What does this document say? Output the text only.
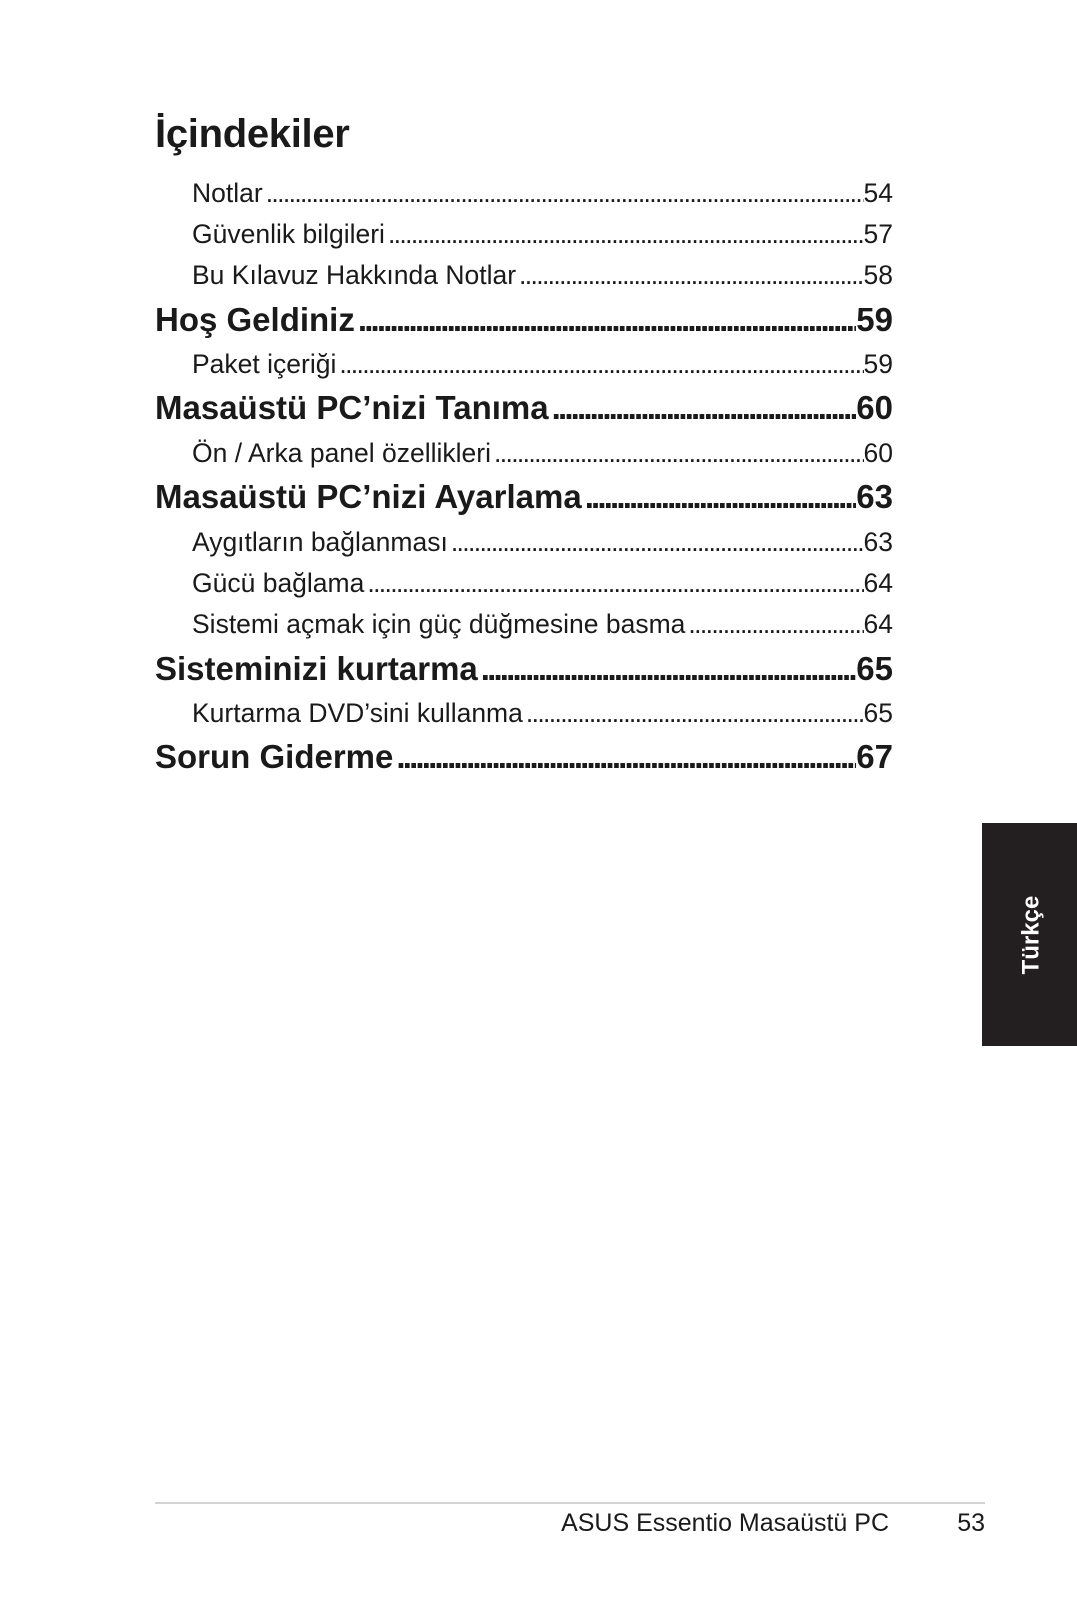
İçindekiler
Notlar . . .	54
Güvenlik bilgileri . . .	57
Bu Kılavuz Hakkında Notlar . . .	58
Hoş Geldiniz . . .	59
Paket içeriği . . .	59
Masaüstü PC’nizi Tanıma . . .	60
Ön / Arka panel özellikleri . . .	60
Masaüstü PC’nizi Ayarlama . . .	63
Aygıtların bağlanması . . .	63
Gücü bağlama . . .	64
Sistemi açmak için güç düğmesine basma . . .	64
Sisteminizi kurtarma . . .	65
Kurtarma DVD’sini kullanma . . .	65
Sorun Giderme . . .	67
Türkçe
ASUS Essentio Masaüstü PC	53
